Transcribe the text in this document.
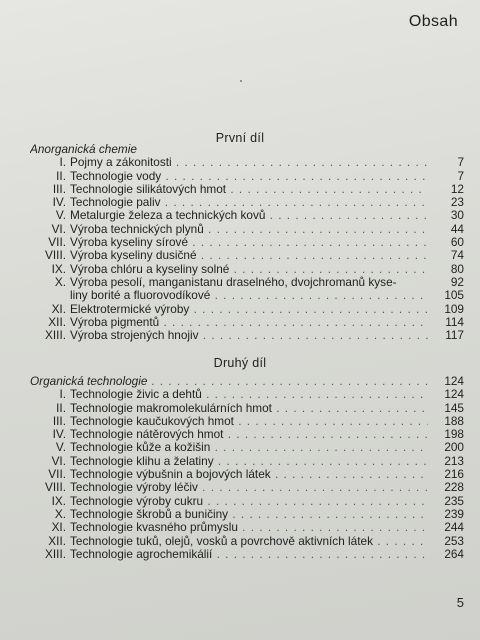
Obsah
První díl
Anorganická chemie
I. Pojmy a zákonitosti . . .	7
II. Technologie vody . . .	7
III. Technologie silikátových hmot . . .	12
IV. Technologie paliv . . .	23
V. Metalurgie železa a technických kovů . . .	30
VI. Výroba technických plynů . . .	44
VII. Výroba kyseliny sírové . . .	60
VIII. Výroba kyseliny dusičné . . .	74
IX. Výroba chlóru a kyseliny solné . . .	80
X. Výroba pesolí, manganistanu draselného, dvojchromanů kyse-	92
liny borité a fluorovodíkové . . .	105
XI. Elektrotermické výroby . . .	109
XII. Výroba pigmentů . . .	114
XIII. Výroba strojených hnojiv . . .	117
Druhý díl
Organická technologie . . .	124
I. Technologie živic a dehtů . . .	124
II. Technologie makromolekulárních hmot . . .	145
III. Technologie kaučukových hmot . . .	188
IV. Technologie nátěrových hmot . . .	198
V. Technologie kůže a kožišin . . .	200
VI. Technologie klihu a želatiny . . .	213
VII. Technologie výbušnin a bojových látek . . .	216
VIII. Technologie výroby léčiv . . .	228
IX. Technologie výroby cukru . . .	235
X. Technologie škrobů a buničiny . . .	239
XI. Technologie kvasného průmyslu . . .	244
XII. Technologie tuků, olejů, vosků a povrchově aktivních látek . . .	253
XIII. Technologie agrochemikálií . . .	264
5
